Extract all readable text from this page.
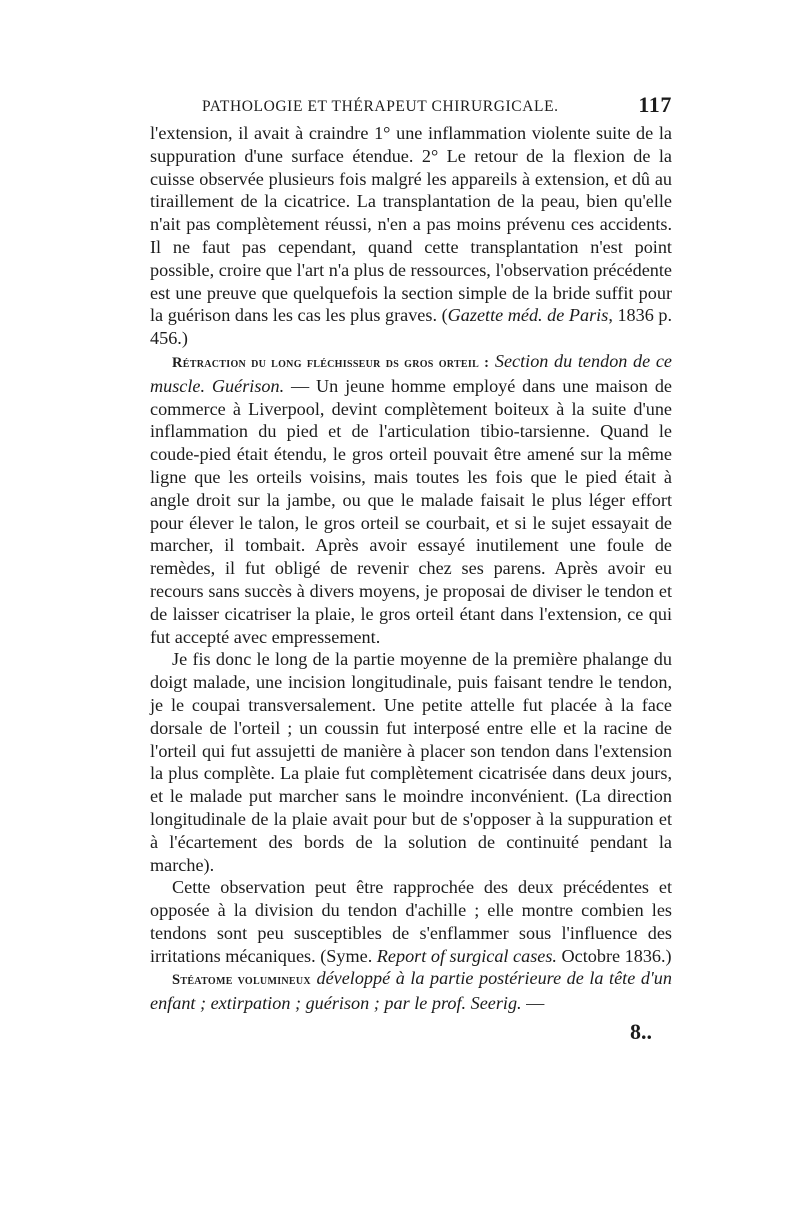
PATHOLOGIE ET THÉRAPEUT CHIRURGICALE.	117

l'extension, il avait à craindre 1° une inflammation violente suite de la suppuration d'une surface étendue. 2° Le retour de la flexion de la cuisse observée plusieurs fois malgré les appareils à extension, et dû au tiraillement de la cicatrice. La transplantation de la peau, bien qu'elle n'ait pas complètement réussi, n'en a pas moins prévenu ces accidents. Il ne faut pas cependant, quand cette transplantation n'est point possible, croire que l'art n'a plus de ressources, l'observation précédente est une preuve que quelquefois la section simple de la bride suffit pour la guérison dans les cas les plus graves. (Gazette méd. de Paris, 1836 p. 456.)

Rétraction du long fléchisseur ds gros orteil : Section du tendon de ce muscle. Guérison. — Un jeune homme employé dans une maison de commerce à Liverpool, devint complètement boiteux à la suite d'une inflammation du pied et de l'articulation tibio-tarsienne. Quand le coude-pied était étendu, le gros orteil pouvait être amené sur la même ligne que les orteils voisins, mais toutes les fois que le pied était à angle droit sur la jambe, ou que le malade faisait le plus léger effort pour élever le talon, le gros orteil se courbait, et si le sujet essayait de marcher, il tombait. Après avoir essayé inutilement une foule de remèdes, il fut obligé de revenir chez ses parens. Après avoir eu recours sans succès à divers moyens, je proposai de diviser le tendon et de laisser cicatriser la plaie, le gros orteil étant dans l'extension, ce qui fut accepté avec empressement.

Je fis donc le long de la partie moyenne de la première phalange du doigt malade, une incision longitudinale, puis faisant tendre le tendon, je le coupai transversalement. Une petite attelle fut placée à la face dorsale de l'orteil ; un coussin fut interposé entre elle et la racine de l'orteil qui fut assujetti de manière à placer son tendon dans l'extension la plus complète. La plaie fut complètement cicatrisée dans deux jours, et le malade put marcher sans le moindre inconvénient. (La direction longitudinale de la plaie avait pour but de s'opposer à la suppuration et à l'écartement des bords de la solution de continuité pendant la marche).

Cette observation peut être rapprochée des deux précédentes et opposée à la division du tendon d'achille ; elle montre combien les tendons sont peu susceptibles de s'enflammer sous l'influence des irritations mécaniques. (Syme. Report of surgical cases. Octobre 1836.)

Stéatome volumineux développé à la partie postérieure de la tête d'un enfant ; extirpation ; guérison ; par le prof. Seerig. —

8..
